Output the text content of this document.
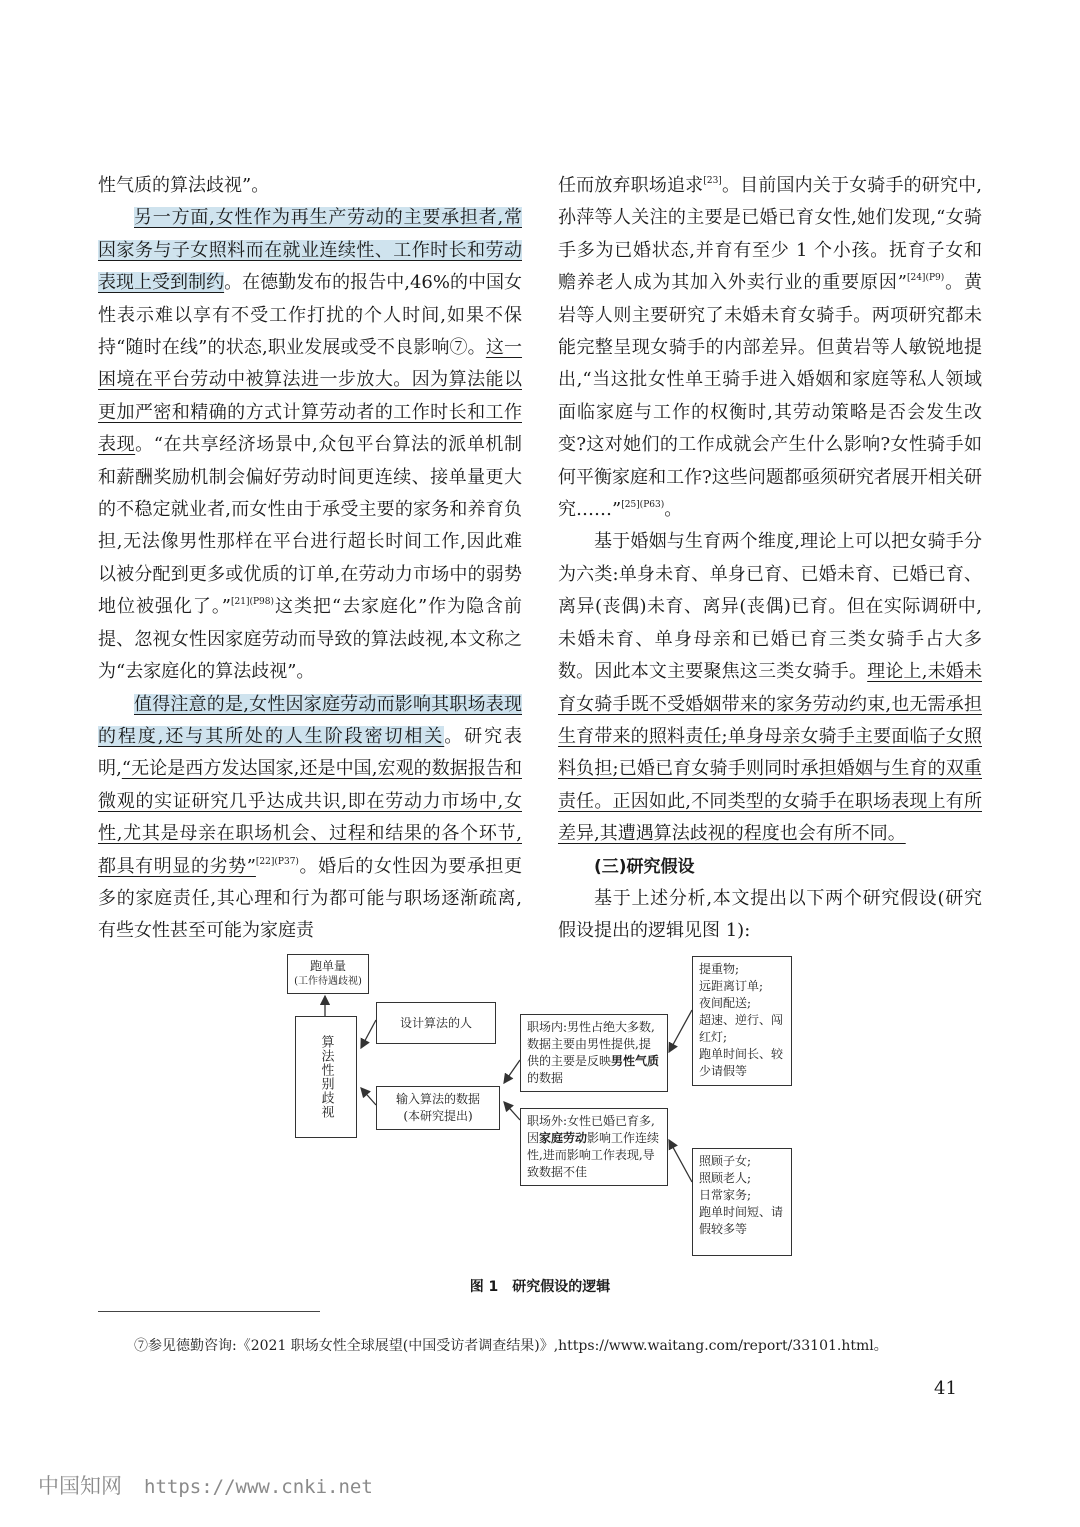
性气质的算法歧视”。

另一方面,女性作为再生产劳动的主要承担者,常因家务与子女照料而在就业连续性、工作时长和劳动表现上受到制约。在德勤发布的报告中,46%的中国女性表示难以享有不受工作打扰的个人时间,如果不保持“随时在线”的状态,职业发展或受不良影响⑦。这一困境在平台劳动中被算法进一步放大。因为算法能以更加严密和精确的方式计算劳动者的工作时长和工作表现。“在共享经济场景中,众包平台算法的派单机制和薪酬奖励机制会偏好劳动时间更连续、接单量更大的不稳定就业者,而女性由于承受主要的家务和养育负担,无法像男性那样在平台进行超长时间工作,因此难以被分配到更多或优质的订单,在劳动力市场中的弱势地位被强化了。”$^{[21](P98)}$这类把“去家庭化”作为隐含前提、忽视女性因家庭劳动而导致的算法歧视,本文称之为“去家庭化的算法歧视”。

值得注意的是,女性因家庭劳动而影响其职场表现的程度,还与其所处的人生阶段密切相关。研究表明,“无论是西方发达国家,还是中国,宏观的数据报告和微观的实证研究几乎达成共识,即在劳动力市场中,女性,尤其是母亲在职场机会、过程和结果的各个环节,都具有明显的劣势”$^{[22](P37)}$。婚后的女性因为要承担更多的家庭责任,其心理和行为都可能与职场逐渐疏离,有些女性甚至可能为家庭责

任而放弃职场追求[23]。目前国内关于女骑手的研究中,孙萍等人关注的主要是已婚已育女性,她们发现,“女骑手多为已婚状态,并育有至少 1 个小孩。抚育子女和赡养老人成为其加入外卖行业的重要原因”$^{[24](P9)}$。黄岩等人则主要研究了未婚未育女骑手。两项研究都未能完整呈现女骑手的内部差异。但黄岩等人敏锐地提出,“当这批女性单王骑手进入婚姻和家庭等私人领域面临家庭与工作的权衡时,其劳动策略是否会发生改变?这对她们的工作成就会产生什么影响?女性骑手如何平衡家庭和工作?这些问题都亟须研究者展开相关研究……”$^{[25](P63)}$。

基于婚姻与生育两个维度,理论上可以把女骑手分为六类:单身未育、单身已育、已婚未育、已婚已育、离异(丧偶)未育、离异(丧偶)已育。但在实际调研中,未婚未育、单身母亲和已婚已育三类女骑手占大多数。因此本文主要聚焦这三类女骑手。理论上,未婚未育女骑手既不受婚姻带来的家务劳动约束,也无需承担生育带来的照料责任;单身母亲女骑手主要面临子女照料负担;已婚已育女骑手则同时承担婚姻与生育的双重责任。正因如此,不同类型的女骑手在职场表现上有所差异,其遭遇算法歧视的程度也会有所不同。

(三)研究假设

基于上述分析,本文提出以下两个研究假设(研究假设提出的逻辑见图 1):

跑单量
(工作待遇歧视)
算法性别歧视
设计算法的人
输入算法的数据
(本研究提出)
职场内:男性占绝大多数,数据主要由男性提供,提供的主要是反映男性气质的数据
职场外:女性已婚已育多,因家庭劳动影响工作连续性,进而影响工作表现,导致数据不佳
提重物;
远距离订单;
夜间配送;
超速、逆行、闯红灯;
跑单时间长、较少请假等
照顾子女;
照顾老人;
日常家务;
跑单时间短、请假较多等
图 1　研究假设的逻辑
⑦参见德勤咨询:《2021 职场女性全球展望(中国受访者调查结果)》,https://www.waitang.com/report/33101.html。
41
中国知网 https://www.cnki.net
